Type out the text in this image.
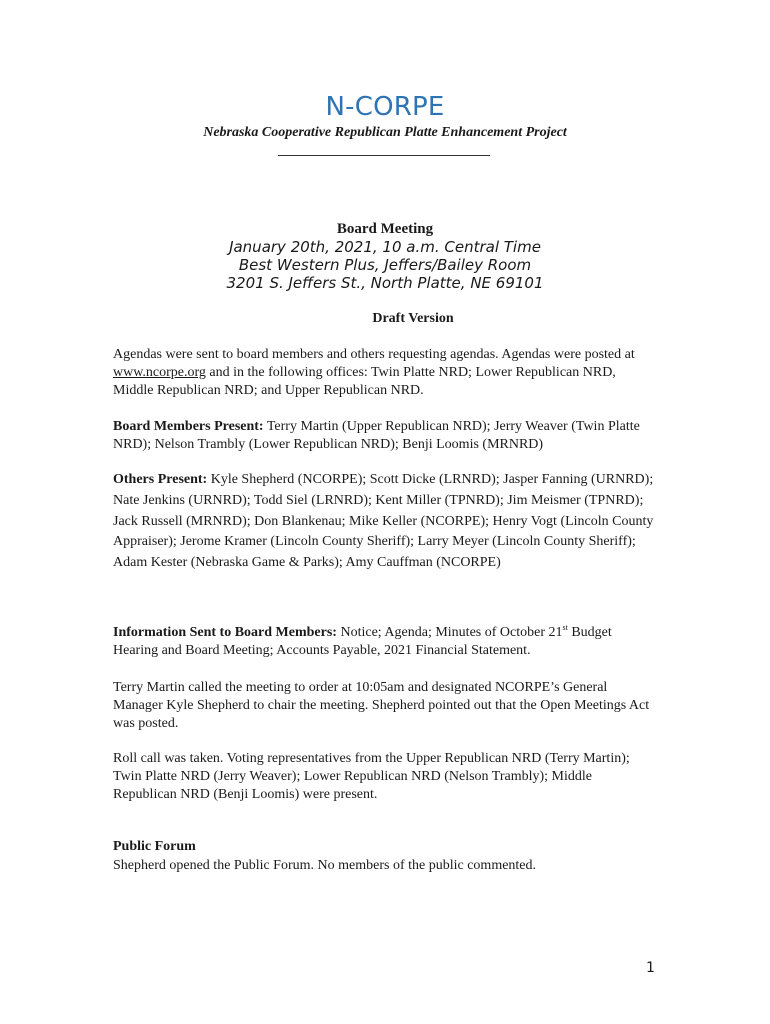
N-CORPE
Nebraska Cooperative Republican Platte Enhancement Project
Board Meeting
January 20th, 2021, 10 a.m. Central Time
Best Western Plus, Jeffers/Bailey Room
3201 S. Jeffers St., North Platte, NE 69101
Draft Version

Agendas were sent to board members and others requesting agendas. Agendas were posted at www.ncorpe.org and in the following offices: Twin Platte NRD; Lower Republican NRD, Middle Republican NRD; and Upper Republican NRD.

Board Members Present: Terry Martin (Upper Republican NRD); Jerry Weaver (Twin Platte NRD); Nelson Trambly (Lower Republican NRD); Benji Loomis (MRNRD)

Others Present: Kyle Shepherd (NCORPE); Scott Dicke (LRNRD); Jasper Fanning (URNRD); Nate Jenkins (URNRD); Todd Siel (LRNRD); Kent Miller (TPNRD); Jim Meismer (TPNRD); Jack Russell (MRNRD); Don Blankenau; Mike Keller (NCORPE); Henry Vogt (Lincoln County Appraiser); Jerome Kramer (Lincoln County Sheriff); Larry Meyer (Lincoln County Sheriff); Adam Kester (Nebraska Game & Parks); Amy Cauffman (NCORPE)

Information Sent to Board Members: Notice; Agenda; Minutes of October 21st Budget Hearing and Board Meeting; Accounts Payable, 2021 Financial Statement.

Terry Martin called the meeting to order at 10:05am and designated NCORPE’s General Manager Kyle Shepherd to chair the meeting. Shepherd pointed out that the Open Meetings Act was posted.

Roll call was taken. Voting representatives from the Upper Republican NRD (Terry Martin); Twin Platte NRD (Jerry Weaver); Lower Republican NRD (Nelson Trambly); Middle Republican NRD (Benji Loomis) were present.

Public Forum

Shepherd opened the Public Forum. No members of the public commented.

1
